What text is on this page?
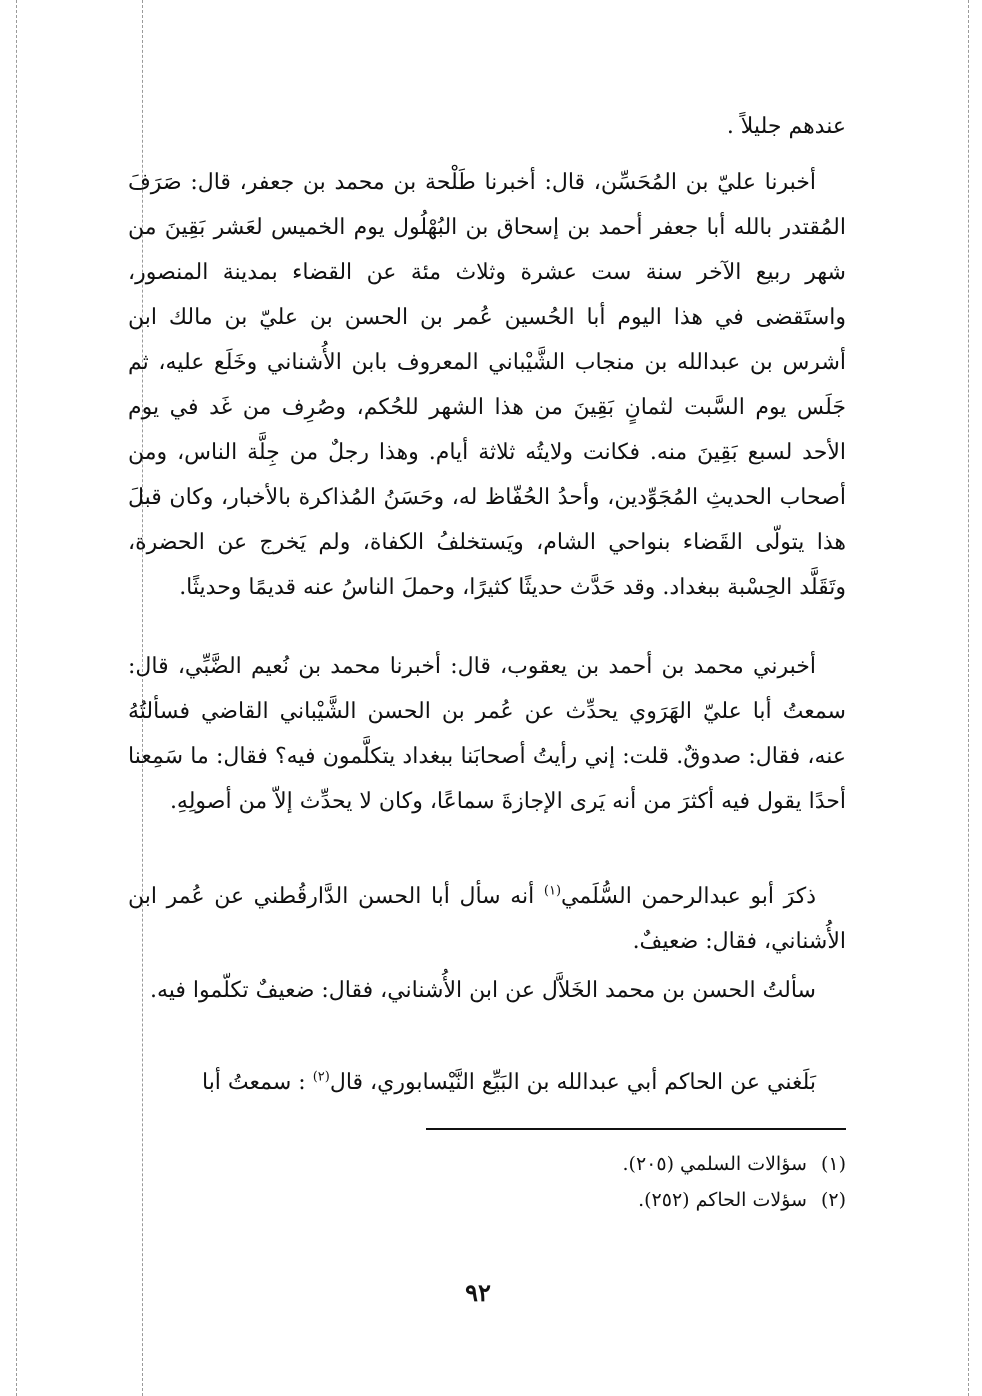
عندهم جليلاً .

أخبرنا عليّ بن المُحَسِّن، قال: أخبرنا طَلْحة بن محمد بن جعفر، قال: صَرَفَ المُقتدر بالله أبا جعفر أحمد بن إسحاق بن البُهْلُول يوم الخميس لعَشر بَقِينَ من شهر ربيع الآخر سنة ست عشرة وثلاث مئة عن القضاء بمدينة المنصور، واستَقضى في هذا اليوم أبا الحُسين عُمر بن الحسن بن عليّ بن مالك ابن أشرس بن عبدالله بن منجاب الشَّيْباني المعروف بابن الأُشناني وخَلَع عليه، ثم جَلَس يوم السَّبت لثمانٍ بَقِينَ من هذا الشهر للحُكم، وصُرِف من غَد في يوم الأحد لسبع بَقِينَ منه. فكانت ولايتُه ثلاثة أيام. وهذا رجلٌ من جِلَّة الناس، ومن أصحاب الحديثِ المُجَوِّدين، وأحدُ الحُفّاظ له، وحَسَنُ المُذاكرة بالأخبار، وكان قبلَ هذا يتولّى القَضاء بنواحي الشام، ويَستخلفُ الكفاة، ولم يَخرج عن الحضرة، وتَقَلَّد الحِسْبة ببغداد. وقد حَدَّث حديثًا كثيرًا، وحملَ الناسُ عنه قديمًا وحديثًا.

أخبرني محمد بن أحمد بن يعقوب، قال: أخبرنا محمد بن نُعيم الضَّبِّي، قال: سمعتُ أبا عليّ الهَرَوي يحدِّث عن عُمر بن الحسن الشَّيْباني القاضي فسألتُهُ عنه، فقال: صدوقٌ. قلت: إني رأيتُ أصحابَنا ببغداد يتكلَّمون فيه؟ فقال: ما سَمِعنا أحدًا يقول فيه أكثرَ من أنه يَرى الإجازةَ سماعًا، وكان لا يحدِّث إلاّ من أصولِهِ.

ذكرَ أبو عبدالرحمن السُّلَمي$^{(١)}$ أنه سأل أبا الحسن الدَّارقُطني عن عُمر ابن الأُشناني، فقال: ضعيفٌ.

سألتُ الحسن بن محمد الخَلاَّل عن ابن الأُشناني، فقال: ضعيفٌ تكلّموا فيه.

بَلَغني عن الحاكم أبي عبدالله بن البَيِّع النَّيْسابوري، قال$^{(٢)}$ : سمعتُ أبا

(١)سؤالات السلمي (٢٠٥).
(٢)سؤلات الحاكم (٢٥٢).
٩٢
